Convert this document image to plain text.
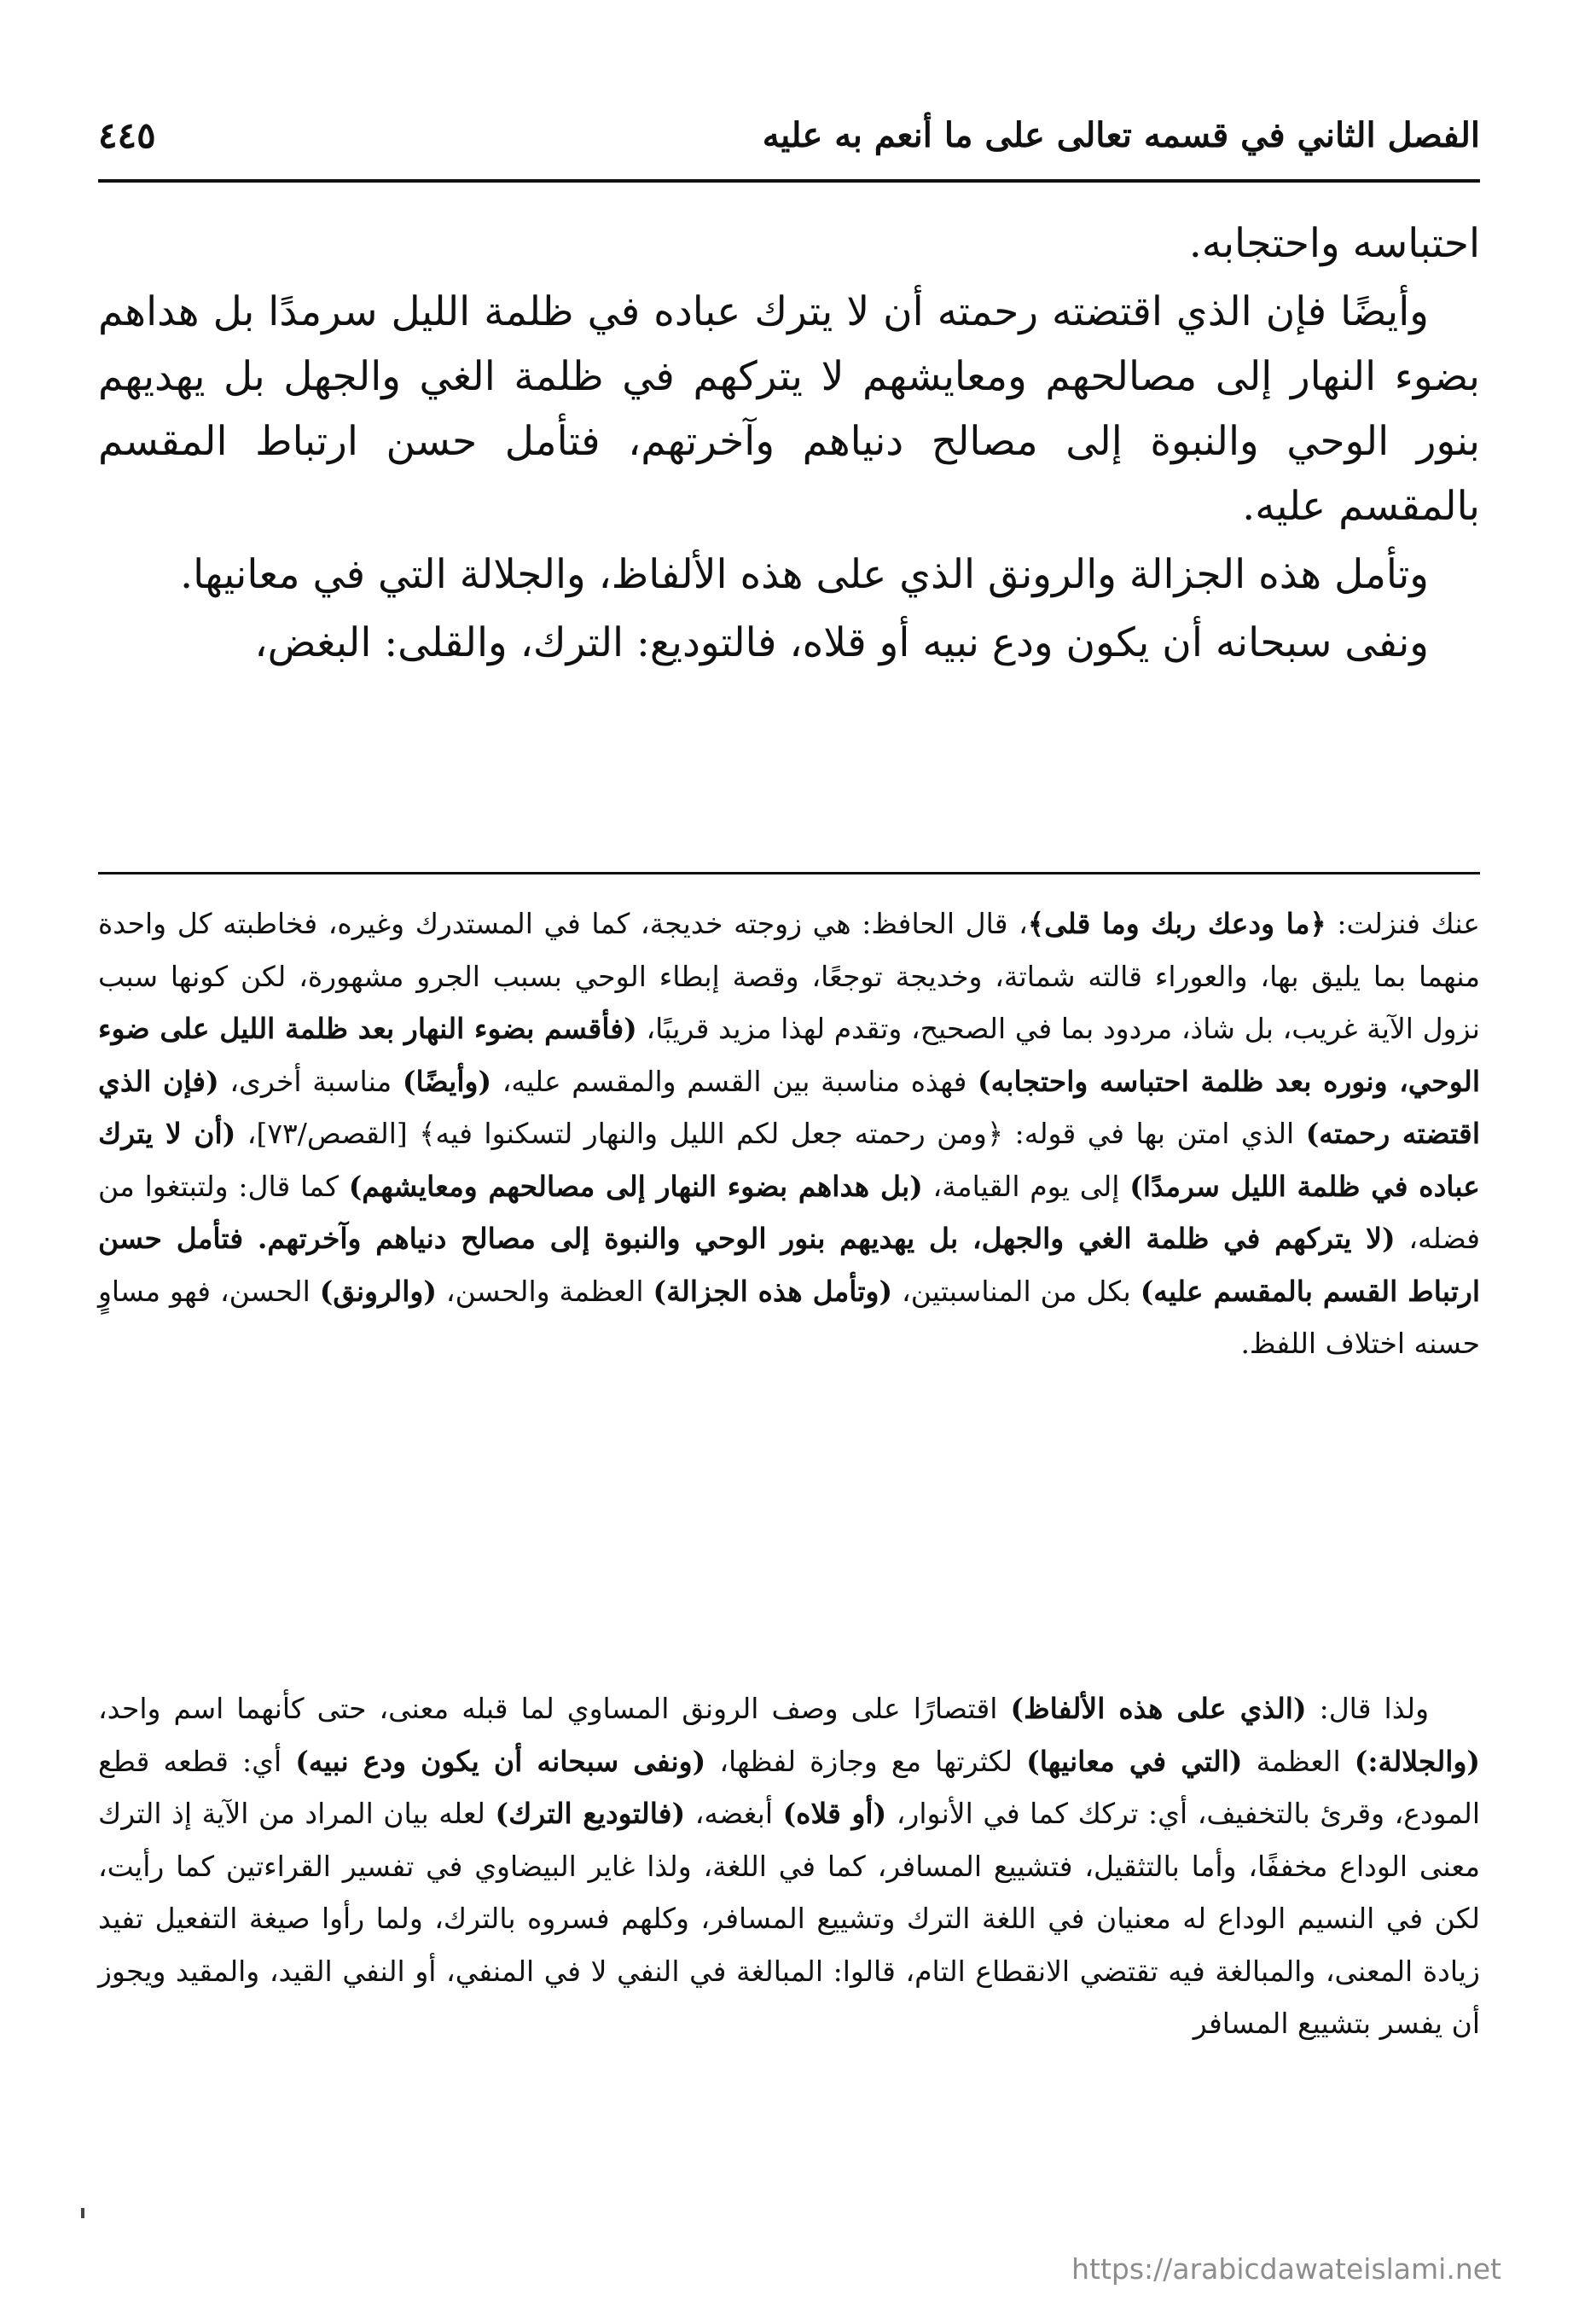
الفصل الثاني في قسمه تعالى على ما أنعم به عليه
٤٤٥

احتباسه واحتجابه.

وأيضًا فإن الذي اقتضته رحمته أن لا يترك عباده في ظلمة الليل سرمدًا بل هداهم بضوء النهار إلى مصالحهم ومعايشهم لا يتركهم في ظلمة الغي والجهل بل يهديهم بنور الوحي والنبوة إلى مصالح دنياهم وآخرتهم، فتأمل حسن ارتباط المقسم بالمقسم عليه.

وتأمل هذه الجزالة والرونق الذي على هذه الألفاظ، والجلالة التي في معانيها.

ونفى سبحانه أن يكون ودع نبيه أو قلاه، فالتوديع: الترك، والقلى: البغض،

عنك فنزلت: ﴿ما ودعك ربك وما قلى﴾، قال الحافظ: هي زوجته خديجة، كما في المستدرك وغيره، فخاطبته كل واحدة منهما بما يليق بها، والعوراء قالته شماتة، وخديجة توجعًا، وقصة إبطاء الوحي بسبب الجرو مشهورة، لكن كونها سبب نزول الآية غريب، بل شاذ، مردود بما في الصحيح، وتقدم لهذا مزيد قريبًا، (فأقسم بضوء النهار بعد ظلمة الليل على ضوء الوحي، ونوره بعد ظلمة احتباسه واحتجابه) فهذه مناسبة بين القسم والمقسم عليه، (وأيضًا) مناسبة أخرى، (فإن الذي اقتضته رحمته) الذي امتن بها في قوله: ﴿ومن رحمته جعل لكم الليل والنهار لتسكنوا فيه﴾ [القصص/٧٣]، (أن لا يترك عباده في ظلمة الليل سرمدًا) إلى يوم القيامة، (بل هداهم بضوء النهار إلى مصالحهم ومعايشهم) كما قال: ولتبتغوا من فضله، (لا يتركهم في ظلمة الغي والجهل، بل يهديهم بنور الوحي والنبوة إلى مصالح دنياهم وآخرتهم. فتأمل حسن ارتباط القسم بالمقسم عليه) بكل من المناسبتين، (وتأمل هذه الجزالة) العظمة والحسن، (والرونق) الحسن، فهو مساوٍ حسنه اختلاف اللفظ.

ولذا قال: (الذي على هذه الألفاظ) اقتصارًا على وصف الرونق المساوي لما قبله معنى، حتى كأنهما اسم واحد، (والجلالة:) العظمة (التي في معانيها) لكثرتها مع وجازة لفظها، (ونفى سبحانه أن يكون ودع نبيه) أي: قطعه قطع المودع، وقرئ بالتخفيف، أي: تركك كما في الأنوار، (أو قلاه) أبغضه، (فالتوديع الترك) لعله بيان المراد من الآية إذ الترك معنى الوداع مخففًا، وأما بالتثقيل، فتشييع المسافر، كما في اللغة، ولذا غاير البيضاوي في تفسير القراءتين كما رأيت، لكن في النسيم الوداع له معنيان في اللغة الترك وتشييع المسافر، وكلهم فسروه بالترك، ولما رأوا صيغة التفعيل تفيد زيادة المعنى، والمبالغة فيه تقتضي الانقطاع التام، قالوا: المبالغة في النفي لا في المنفي، أو النفي القيد، والمقيد ويجوز أن يفسر بتشييع المسافر

https://arabicdawateislami.net
